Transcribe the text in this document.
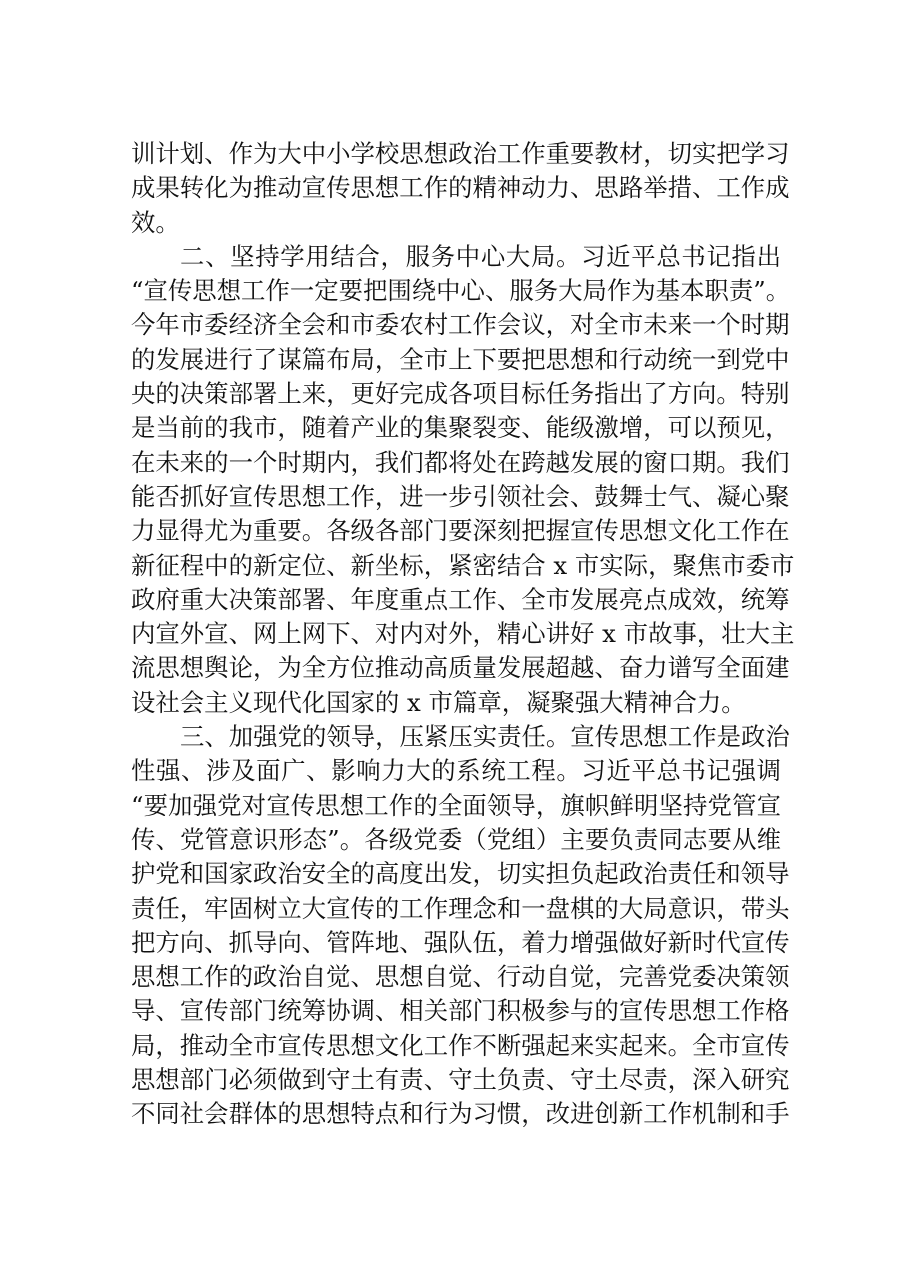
训计划、作为大中小学校思想政治工作重要教材，切实把学习
成果转化为推动宣传思想工作的精神动力、思路举措、工作成
效。
二、坚持学用结合，服务中心大局。习近平总书记指出
“宣传思想工作一定要把围绕中心、服务大局作为基本职责”。
今年市委经济全会和市委农村工作会议，对全市未来一个时期
的发展进行了谋篇布局，全市上下要把思想和行动统一到党中
央的决策部署上来，更好完成各项目标任务指出了方向。特别
是当前的我市，随着产业的集聚裂变、能级激增，可以预见，
在未来的一个时期内，我们都将处在跨越发展的窗口期。我们
能否抓好宣传思想工作，进一步引领社会、鼓舞士气、凝心聚
力显得尤为重要。各级各部门要深刻把握宣传思想文化工作在
新征程中的新定位、新坐标，紧密结合 x 市实际，聚焦市委市
政府重大决策部署、年度重点工作、全市发展亮点成效，统筹
内宣外宣、网上网下、对内对外，精心讲好 x 市故事，壮大主
流思想舆论，为全方位推动高质量发展超越、奋力谱写全面建
设社会主义现代化国家的 x 市篇章，凝聚强大精神合力。
三、加强党的领导，压紧压实责任。宣传思想工作是政治
性强、涉及面广、影响力大的系统工程。习近平总书记强调
“要加强党对宣传思想工作的全面领导，旗帜鲜明坚持党管宣
传、党管意识形态”。各级党委（党组）主要负责同志要从维
护党和国家政治安全的高度出发，切实担负起政治责任和领导
责任，牢固树立大宣传的工作理念和一盘棋的大局意识，带头
把方向、抓导向、管阵地、强队伍，着力增强做好新时代宣传
思想工作的政治自觉、思想自觉、行动自觉，完善党委决策领
导、宣传部门统筹协调、相关部门积极参与的宣传思想工作格
局，推动全市宣传思想文化工作不断强起来实起来。全市宣传
思想部门必须做到守土有责、守土负责、守土尽责，深入研究
不同社会群体的思想特点和行为习惯，改进创新工作机制和手
